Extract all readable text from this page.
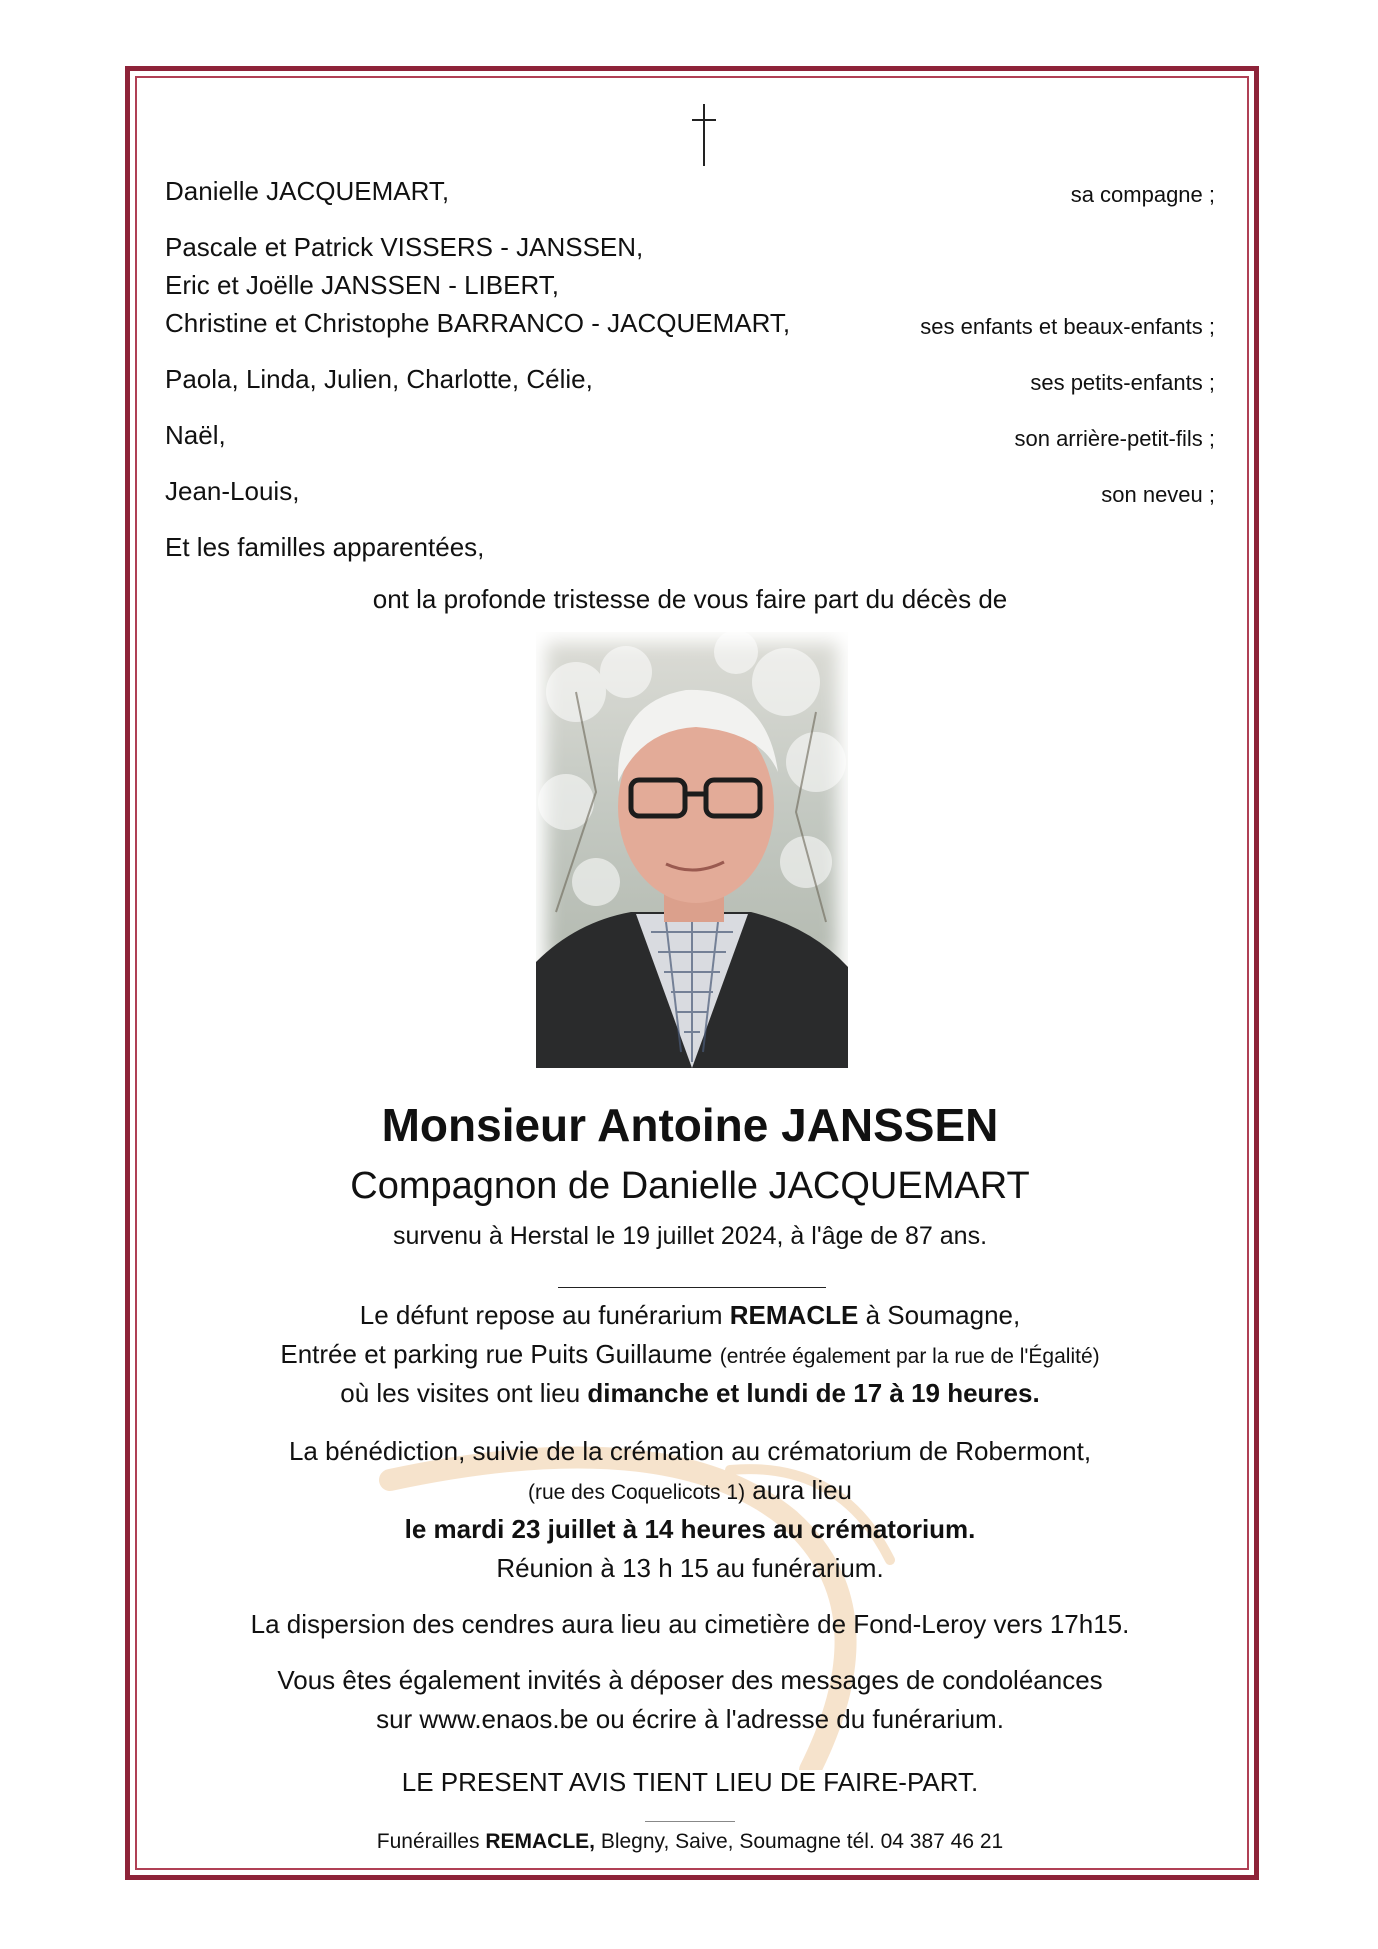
Danielle JACQUEMART,	sa compagne ;
Pascale et Patrick VISSERS - JANSSEN,
Eric et Joëlle JANSSEN - LIBERT,
Christine et Christophe BARRANCO - JACQUEMART,	ses enfants et beaux-enfants ;
Paola, Linda, Julien, Charlotte, Célie,	ses petits-enfants ;
Naël,	son arrière-petit-fils ;
Jean-Louis,	son neveu ;
Et les familles apparentées,
ont la profonde tristesse de vous faire part du décès de
Monsieur Antoine JANSSEN
Compagnon de Danielle JACQUEMART
survenu à Herstal le 19 juillet 2024, à l'âge de 87 ans.
Le défunt repose au funérarium REMACLE à Soumagne,
Entrée et parking rue Puits Guillaume (entrée également par la rue de l'Égalité)
où les visites ont lieu dimanche et lundi de 17 à 19 heures.
La bénédiction, suivie de la crémation au crématorium de Robermont,
(rue des Coquelicots 1) aura lieu
le mardi 23 juillet à 14 heures au crématorium.
Réunion à 13 h 15 au funérarium.
La dispersion des cendres aura lieu au cimetière de Fond-Leroy vers 17h15.
Vous êtes également invités à déposer des messages de condoléances
sur www.enaos.be ou écrire à l'adresse du funérarium.
LE PRESENT AVIS TIENT LIEU DE FAIRE-PART.
Funérailles REMACLE, Blegny, Saive, Soumagne tél. 04 387 46 21
